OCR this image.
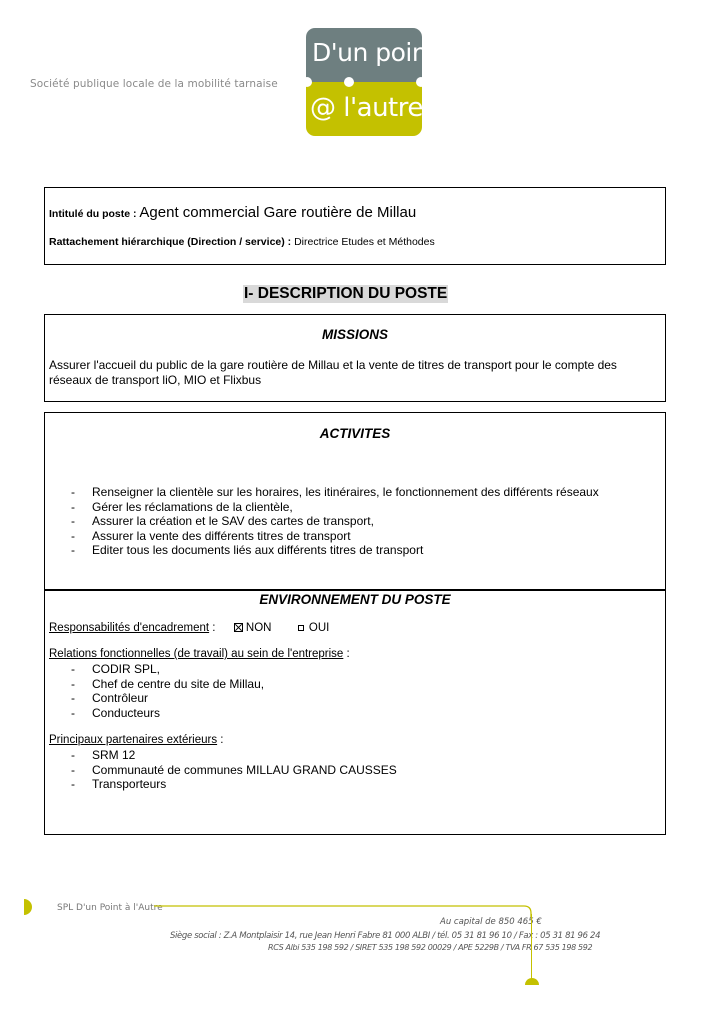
Société publique locale de la mobilité tarnaise
D'un point
@ l'autre
Intitulé du poste : Agent commercial Gare routière de Millau
Rattachement hiérarchique (Direction / service) : Directrice Etudes et Méthodes
I- DESCRIPTION DU POSTE
MISSIONS
Assurer l'accueil du public de la gare routière de Millau et la vente de titres de transport pour le compte des réseaux de transport liO, MIO et Flixbus
ACTIVITES
- Renseigner la clientèle sur les horaires, les itinéraires, le fonctionnement des différents réseaux
- Gérer les réclamations de la clientèle,
- Assurer la création et le SAV des cartes de transport,
- Assurer la vente des différents titres de transport
- Editer tous les documents liés aux différents titres de transport
ENVIRONNEMENT DU POSTE
Responsabilités d'encadrement :	NON	OUI
Relations fonctionnelles (de travail) au sein de l'entreprise :
- CODIR SPL,
- Chef de centre du site de Millau,
- Contrôleur
- Conducteurs
Principaux partenaires extérieurs :
- SRM 12
- Communauté de communes MILLAU GRAND CAUSSES
- Transporteurs
SPL D'un Point à l'Autre
Au capital de 850 465 €
Siège social : Z.A Montplaisir 14, rue Jean Henri Fabre 81 000 ALBI / tél. 05 31 81 96 10 / Fax : 05 31 81 96 24
RCS Albi 535 198 592 / SIRET 535 198 592 00029 / APE 5229B / TVA FR 67 535 198 592
